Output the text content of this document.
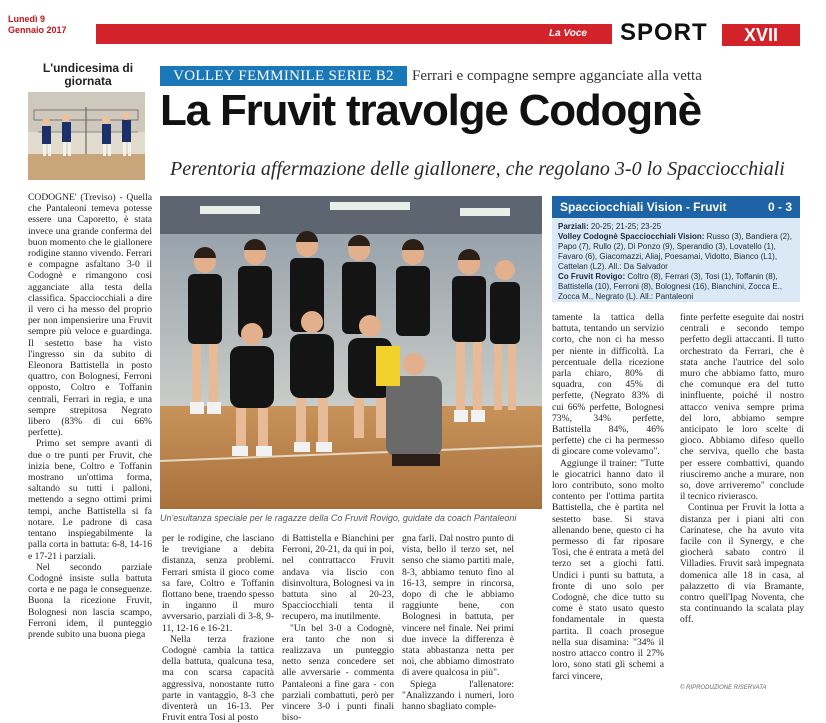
Lunedì 9
Gennaio 2017	La Voce SPORT	XVII
L'undicesima di giornata	VOLLEY FEMMINILE SERIE B2	Ferrari e compagne sempre agganciate alla vetta
La Fruvit travolge Codognè
Perentoria affermazione delle giallonere, che regolano 3-0 lo Spacciocchiali

CODOGNE' (Treviso) - Quella che Pantaleoni temeva potesse essere una Caporetto, è stata invece una grande conferma del buon momento che le giallonere rodigine stanno vivendo. Ferrari e compagne asfaltano 3-0 il Codognè e rimangono così agganciate alla testa della classifica. Spacciocchiali a dire il vero ci ha messo del proprio per non impensierire una Fruvit sempre più veloce e guardinga. Il sestetto base ha visto l'ingresso sin da subito di Eleonora Battistella in posto quattro, con Bolognesi, Ferroni opposto, Coltro e Toffanin centrali, Ferrari in regia, e una sempre strepitosa Negrato libero (83% di cui 66% perfette).

Primo set sempre avanti di due o tre punti per Fruvit, che inizia bene, Coltro e Toffanin mostrano un'ottima forma, saltando su tutti i palloni, mettendo a segno ottimi primi tempi, anche Battistella si fa notare. Le padrone di casa tentano inspiegabilmente la palla corta in battuta: 6-8, 14-16 e 17-21 i parziali.

Nel secondo parziale Codognè insiste sulla battuta corta e ne paga le conseguenze. Buona la ricezione Fruvit, Bolognesi non lascia scampo, Ferroni idem, il punteggio prende subito una buona piega

Un'esultanza speciale per le ragazze della Co Fruvit Rovigo, guidate da coach Pantaleoni
Spacciocchiali Vision - Fruvit	0 - 3
Parziali: 20-25; 21-25; 23-25
Volley Codognè Spacciocchiali Vision: Russo (3), Bandiera (2), Papo (7), Rullo (2), Di Ponzo (9), Sperandio (3), Lovatello (1), Favaro (6), Giacomazzi, Aliaj, Poesamai, Vidotto, Bianco (L1), Cattelan (L2). All.: Da Salvador
Co Fruvit Rovigo: Coltro (8), Ferrari (3), Tosi (1), Toffanin (8), Battistella (10), Ferroni (8), Bolognesi (16), Bianchini, Zocca E., Zocca M., Negrato (L). All.: Pantaleoni

per le rodigine, che lasciano le trevigiane a debita distanza, senza problemi. Ferrari smista il gioco come sa fare, Coltro e Toffanin flottano bene, traendo spesso in inganno il muro avversario, parziali di 3-8, 9-11, 12-16 e 16-21.

Nella terza frazione Codognè cambia la tattica della battuta, qualcuna tesa, ma con scarsa capacità aggressiva, nonostante tutto parte in vantaggio, 8-3 che diventerà un 16-13. Per Fruvit entra Tosi al posto

di Battistella e Bianchini per Ferroni, 20-21, da qui in poi, nel contrattacco Fruvit andava via liscio con disinvoltura, Bolognesi va in battuta sino al 20-23, Spacciocchiali tenta il recupero, ma inutilmente.

"Un bel 3-0 a Codognè, era tanto che non si realizzava un punteggio netto senza concedere set alle avversarie - commenta Pantaleoni a fine gara - con parziali combattuti, però per vincere 3-0 i punti finali biso-

gna farli. Dal nostro punto di vista, bello il terzo set, nel senso che siamo partiti male, 8-3, abbiamo tenuto fino al 16-13, sempre in rincorsa, dopo di che le abbiamo raggiunte bene, con Bolognesi in battuta, per vincere nel finale. Nei primi due invece la differenza è stata abbastanza netta per noi, che abbiamo dimostrato di avere qualcosa in più".

Spiega l'allenatore: "Analizzando i numeri, loro hanno sbagliato comple-

tamente la tattica della battuta, tentando un servizio corto, che non ci ha messo per niente in difficoltà. La percentuale della ricezione parla chiaro, 80% di squadra, con 45% di perfette, (Negrato 83% di cui 66% perfette, Bolognesi 73%, 34% perfette, Battistella 84%, 46% perfette) che ci ha permesso di giocare come volevamo".

Aggiunge il trainer: "Tutte le giocatrici hanno dato il loro contributo, sono molto contento per l'ottima partita Battistella, che è partita nel sestetto base. Si stava allenando bene, questo ci ha permesso di far riposare Tosi, che è entrata a metà del terzo set a giochi fatti. Undici i punti su battuta, a fronte di uno solo per Codognè, che dice tutto su come è stato usato questo fondamentale in questa partita. Il coach prosegue nella sua disamina: "34% il nostro attacco contro il 27% loro, sono stati gli schemi a farci vincere,

finte perfette eseguite dai nostri centrali e secondo tempo perfetto degli attaccanti. Il tutto orchestrato da Ferrari, che è stata anche l'autrice del solo muro che abbiamo fatto, muro che comunque era del tutto ininfluente, poiché il nostro attacco veniva sempre prima del loro, abbiamo sempre anticipato le loro scelte di gioco. Abbiamo difeso quello che serviva, quello che basta per essere combattivi, quando riusciremo anche a murare, non so, dove arriveremo" conclude il tecnico rivierasco.

Continua per Fruvit la lotta a distanza per i piani alti con Carinatese, che ha avuto vita facile con il Synergy, e che giocherà sabato contro il Villadies. Fruvit sarà impegnata domenica alle 18 in casa, al palazzetto di via Bramante, contro quell'Ipag Noventa, che sta continuando la scalata play off.

© RIPRODUZIONE RISERVATA
